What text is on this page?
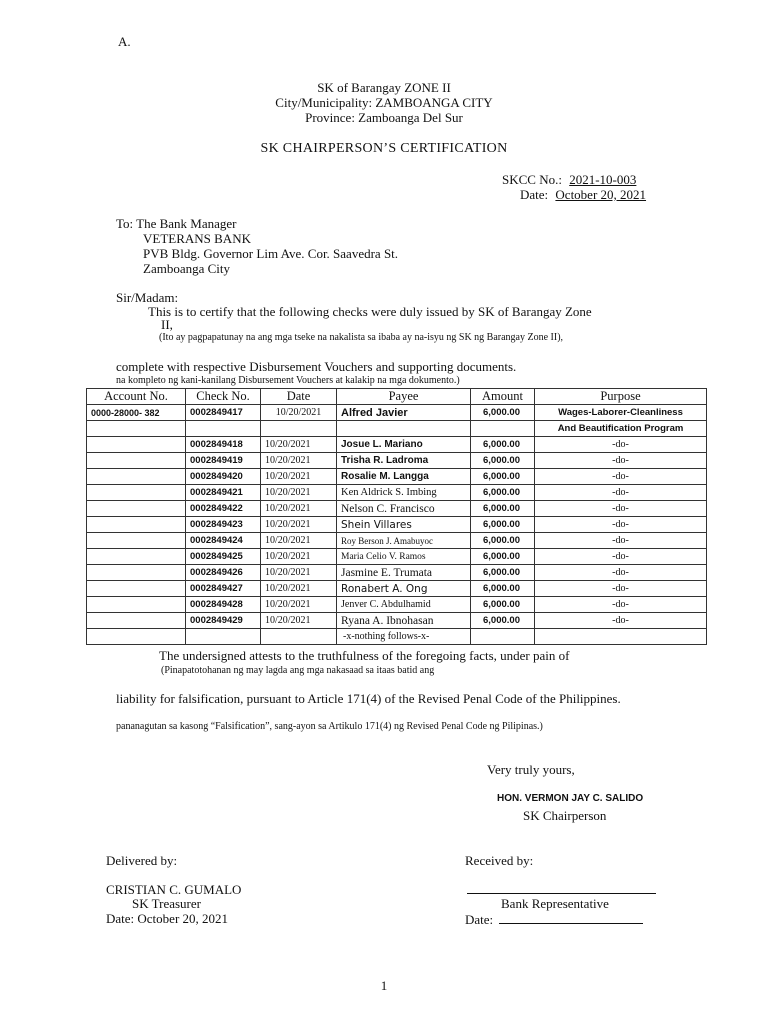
A.
SK of Barangay ZONE II
City/Municipality: ZAMBOANGA CITY
Province: Zamboanga Del Sur
SK CHAIRPERSON’S CERTIFICATION
SKCC No.: 2021-10-003
Date: October 20, 2021
To: The Bank Manager
VETERANS BANK
PVB Bldg. Governor Lim Ave. Cor. Saavedra St.
Zamboanga City
Sir/Madam:
This is to certify that the following checks were duly issued by SK of Barangay Zone
II,
(Ito ay pagpapatunay na ang mga tseke na nakalista sa ibaba ay na-isyu ng SK ng Barangay Zone II),
complete with respective Disbursement Vouchers and supporting documents.
na kompleto ng kani-kanilang Disbursement Vouchers at kalakip na mga dokumento.)
Account No.	Check No.	Date	Payee	Amount	Purpose
0000-28000- 382	0002849417	10/20/2021	Alfred Javier	6,000.00	Wages-Laborer-Cleanliness
					And Beautification Program
	0002849418	10/20/2021	Josue L. Mariano	6,000.00	-do-
	0002849419	10/20/2021	Trisha R. Ladroma	6,000.00	-do-
	0002849420	10/20/2021	Rosalie M. Langga	6,000.00	-do-
	0002849421	10/20/2021	Ken Aldrick S. Imbing	6,000.00	-do-
	0002849422	10/20/2021	Nelson C. Francisco	6,000.00	-do-
	0002849423	10/20/2021	Shein Villares	6,000.00	-do-
	0002849424	10/20/2021	Roy Berson J. Amabuyoc	6,000.00	-do-
	0002849425	10/20/2021	Maria Celio V. Ramos	6,000.00	-do-
	0002849426	10/20/2021	Jasmine E. Trumata	6,000.00	-do-
	0002849427	10/20/2021	Ronabert A. Ong	6,000.00	-do-
	0002849428	10/20/2021	Jenver C. Abdulhamid	6,000.00	-do-
	0002849429	10/20/2021	Ryana A. Ibnohasan	6,000.00	-do-
			-x-nothing follows-x-		
The undersigned attests to the truthfulness of the foregoing facts, under pain of
(Pinapatotohanan ng may lagda ang mga nakasaad sa itaas batid ang
liability for falsification, pursuant to Article 171(4) of the Revised Penal Code of the Philippines.
pananagutan sa kasong “Falsification”, sang-ayon sa Artikulo 171(4) ng Revised Penal Code ng Pilipinas.)
Very truly yours,
HON. VERMON JAY C. SALIDO
SK Chairperson
Delivered by:
CRISTIAN C. GUMALO
SK Treasurer
Date: October 20, 2021
Received by:
Bank Representative
Date:
1
